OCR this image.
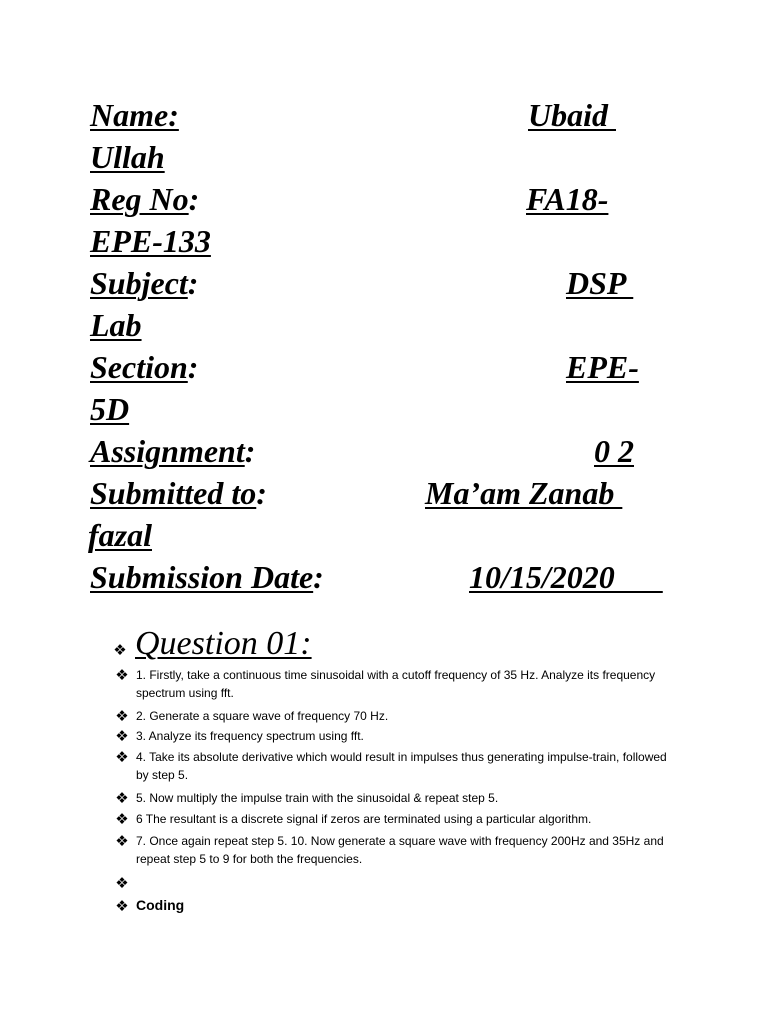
Name:	Ubaid
Ullah
Reg No:	FA18-
EPE-133
Subject:	DSP
Lab
Section:	EPE-
5D
Assignment:	0 2
Submitted to:	Ma’am Zanab
fazal
Submission Date:	10/15/2020
❖ Question 01:
❖ 1. Firstly, take a continuous time sinusoidal with a cutoff frequency of 35 Hz. Analyze its frequency spectrum using fft.
❖ 2. Generate a square wave of frequency 70 Hz.
❖ 3. Analyze its frequency spectrum using fft.
❖ 4. Take its absolute derivative which would result in impulses thus generating impulse-train, followed by step 5.
❖ 5. Now multiply the impulse train with the sinusoidal & repeat step 5.
❖ 6 The resultant is a discrete signal if zeros are terminated using a particular algorithm.
❖ 7. Once again repeat step 5. 10. Now generate a square wave with frequency 200Hz and 35Hz and repeat step 5 to 9 for both the frequencies.
❖
❖ Coding
